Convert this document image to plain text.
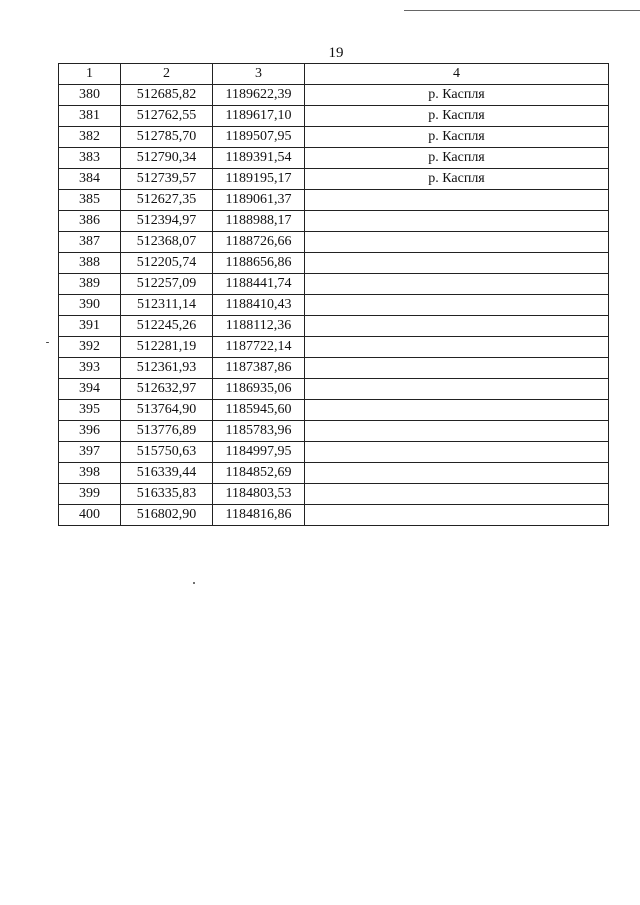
19
1	2	3	4
380	512685,82	1189622,39	р. Каспля
381	512762,55	1189617,10	р. Каспля
382	512785,70	1189507,95	р. Каспля
383	512790,34	1189391,54	р. Каспля
384	512739,57	1189195,17	р. Каспля
385	512627,35	1189061,37	
386	512394,97	1188988,17	
387	512368,07	1188726,66	
388	512205,74	1188656,86	
389	512257,09	1188441,74	
390	512311,14	1188410,43	
391	512245,26	1188112,36	
392	512281,19	1187722,14	
393	512361,93	1187387,86	
394	512632,97	1186935,06	
395	513764,90	1185945,60	
396	513776,89	1185783,96	
397	515750,63	1184997,95	
398	516339,44	1184852,69	
399	516335,83	1184803,53	
400	516802,90	1184816,86	
